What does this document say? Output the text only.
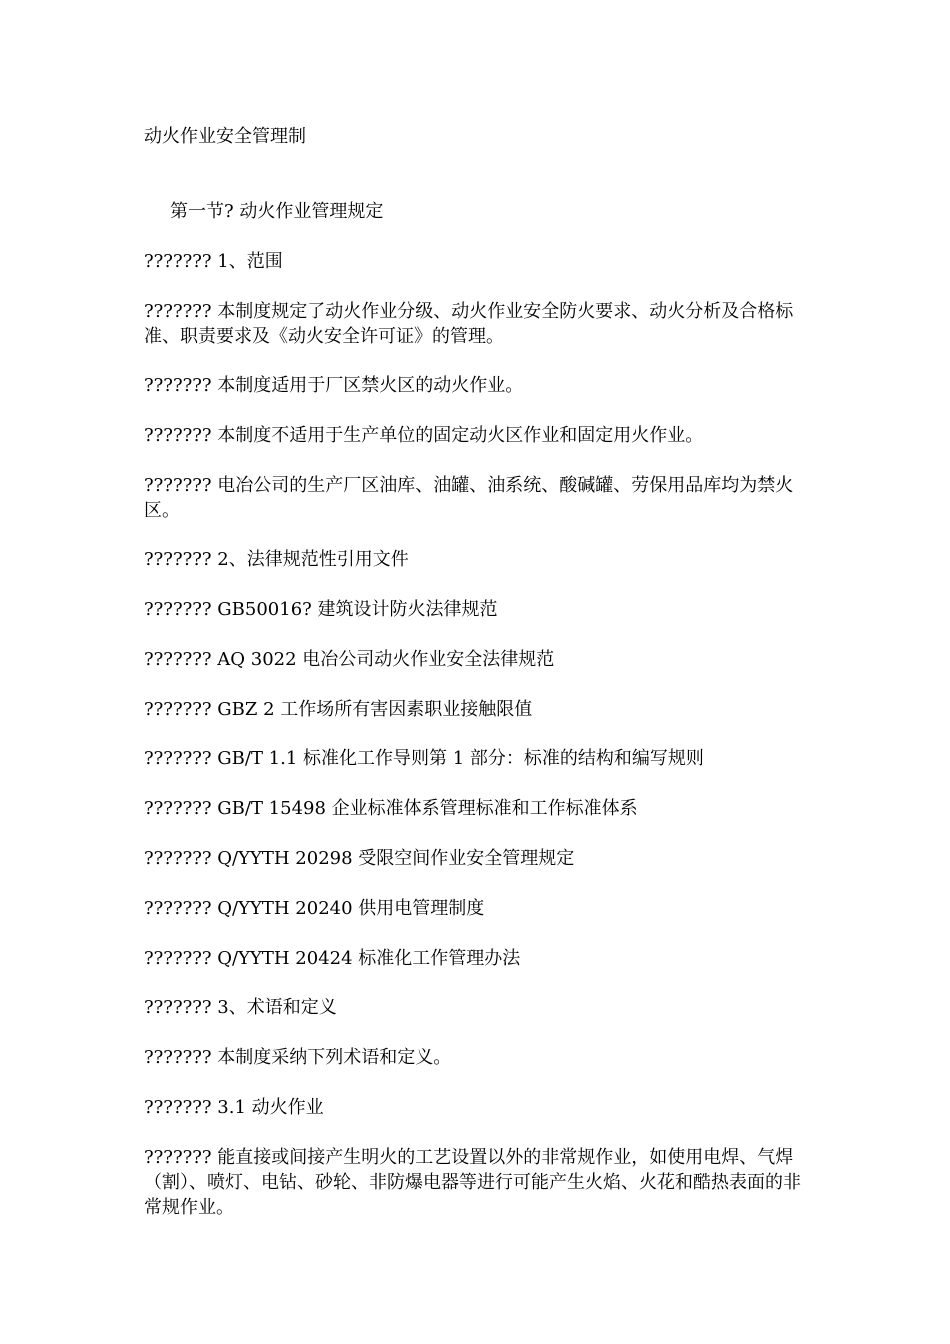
动火作业安全管理制
第一节? 动火作业管理规定
??????? 1、范围
??????? 本制度规定了动火作业分级、动火作业安全防火要求、动火分析及合格标准、职责要求及《动火安全许可证》的管理。
??????? 本制度适用于厂区禁火区的动火作业。
??????? 本制度不适用于生产单位的固定动火区作业和固定用火作业。
??????? 电冶公司的生产厂区油库、油罐、油系统、酸碱罐、劳保用品库均为禁火区。
??????? 2、法律规范性引用文件
??????? GB50016? 建筑设计防火法律规范
??????? AQ 3022 电冶公司动火作业安全法律规范
??????? GBZ 2 工作场所有害因素职业接触限值
??????? GB/T 1.1 标准化工作导则第 1 部分：标准的结构和编写规则
??????? GB/T 15498 企业标准体系管理标准和工作标准体系
??????? Q/YYTH 20298 受限空间作业安全管理规定
??????? Q/YYTH 20240 供用电管理制度
??????? Q/YYTH 20424 标准化工作管理办法
??????? 3、术语和定义
??????? 本制度采纳下列术语和定义。
??????? 3.1 动火作业
??????? 能直接或间接产生明火的工艺设置以外的非常规作业，如使用电焊、气焊（割）、喷灯、电钻、砂轮、非防爆电器等进行可能产生火焰、火花和酷热表面的非常规作业。
